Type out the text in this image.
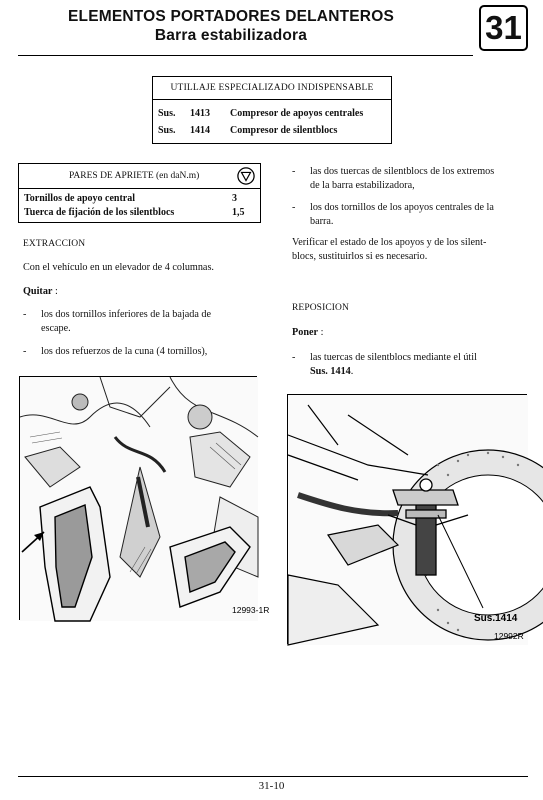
ELEMENTOS PORTADORES DELANTEROS
Barra estabilizadora	31
UTILLAJE ESPECIALIZADO INDISPENSABLE
Sus. 1413 Compresor de apoyos centrales
Sus. 1414 Compresor de silentblocs
PARES DE APRIETE (en daN.m)
Tornillos de apoyo central	3
Tuerca de fijación de los silentblocs	1,5
EXTRACCION
Con el vehículo en un elevador de 4 columnas.
Quitar :
- los dos tornillos inferiores de la bajada de
escape.
- los dos refuerzos de la cuna (4 tornillos),
- las dos tuercas de silentblocs de los extremos
de la barra estabilizadora,
- los dos tornillos de los apoyos centrales de la
barra.
Verificar el estado de los apoyos y de los silent-
blocs, sustituirlos si es necesario.
REPOSICION
Poner :
- las tuercas de silentblocs mediante el útil
Sus. 1414.
12993-1R
Sus.1414
12992R
31-10
